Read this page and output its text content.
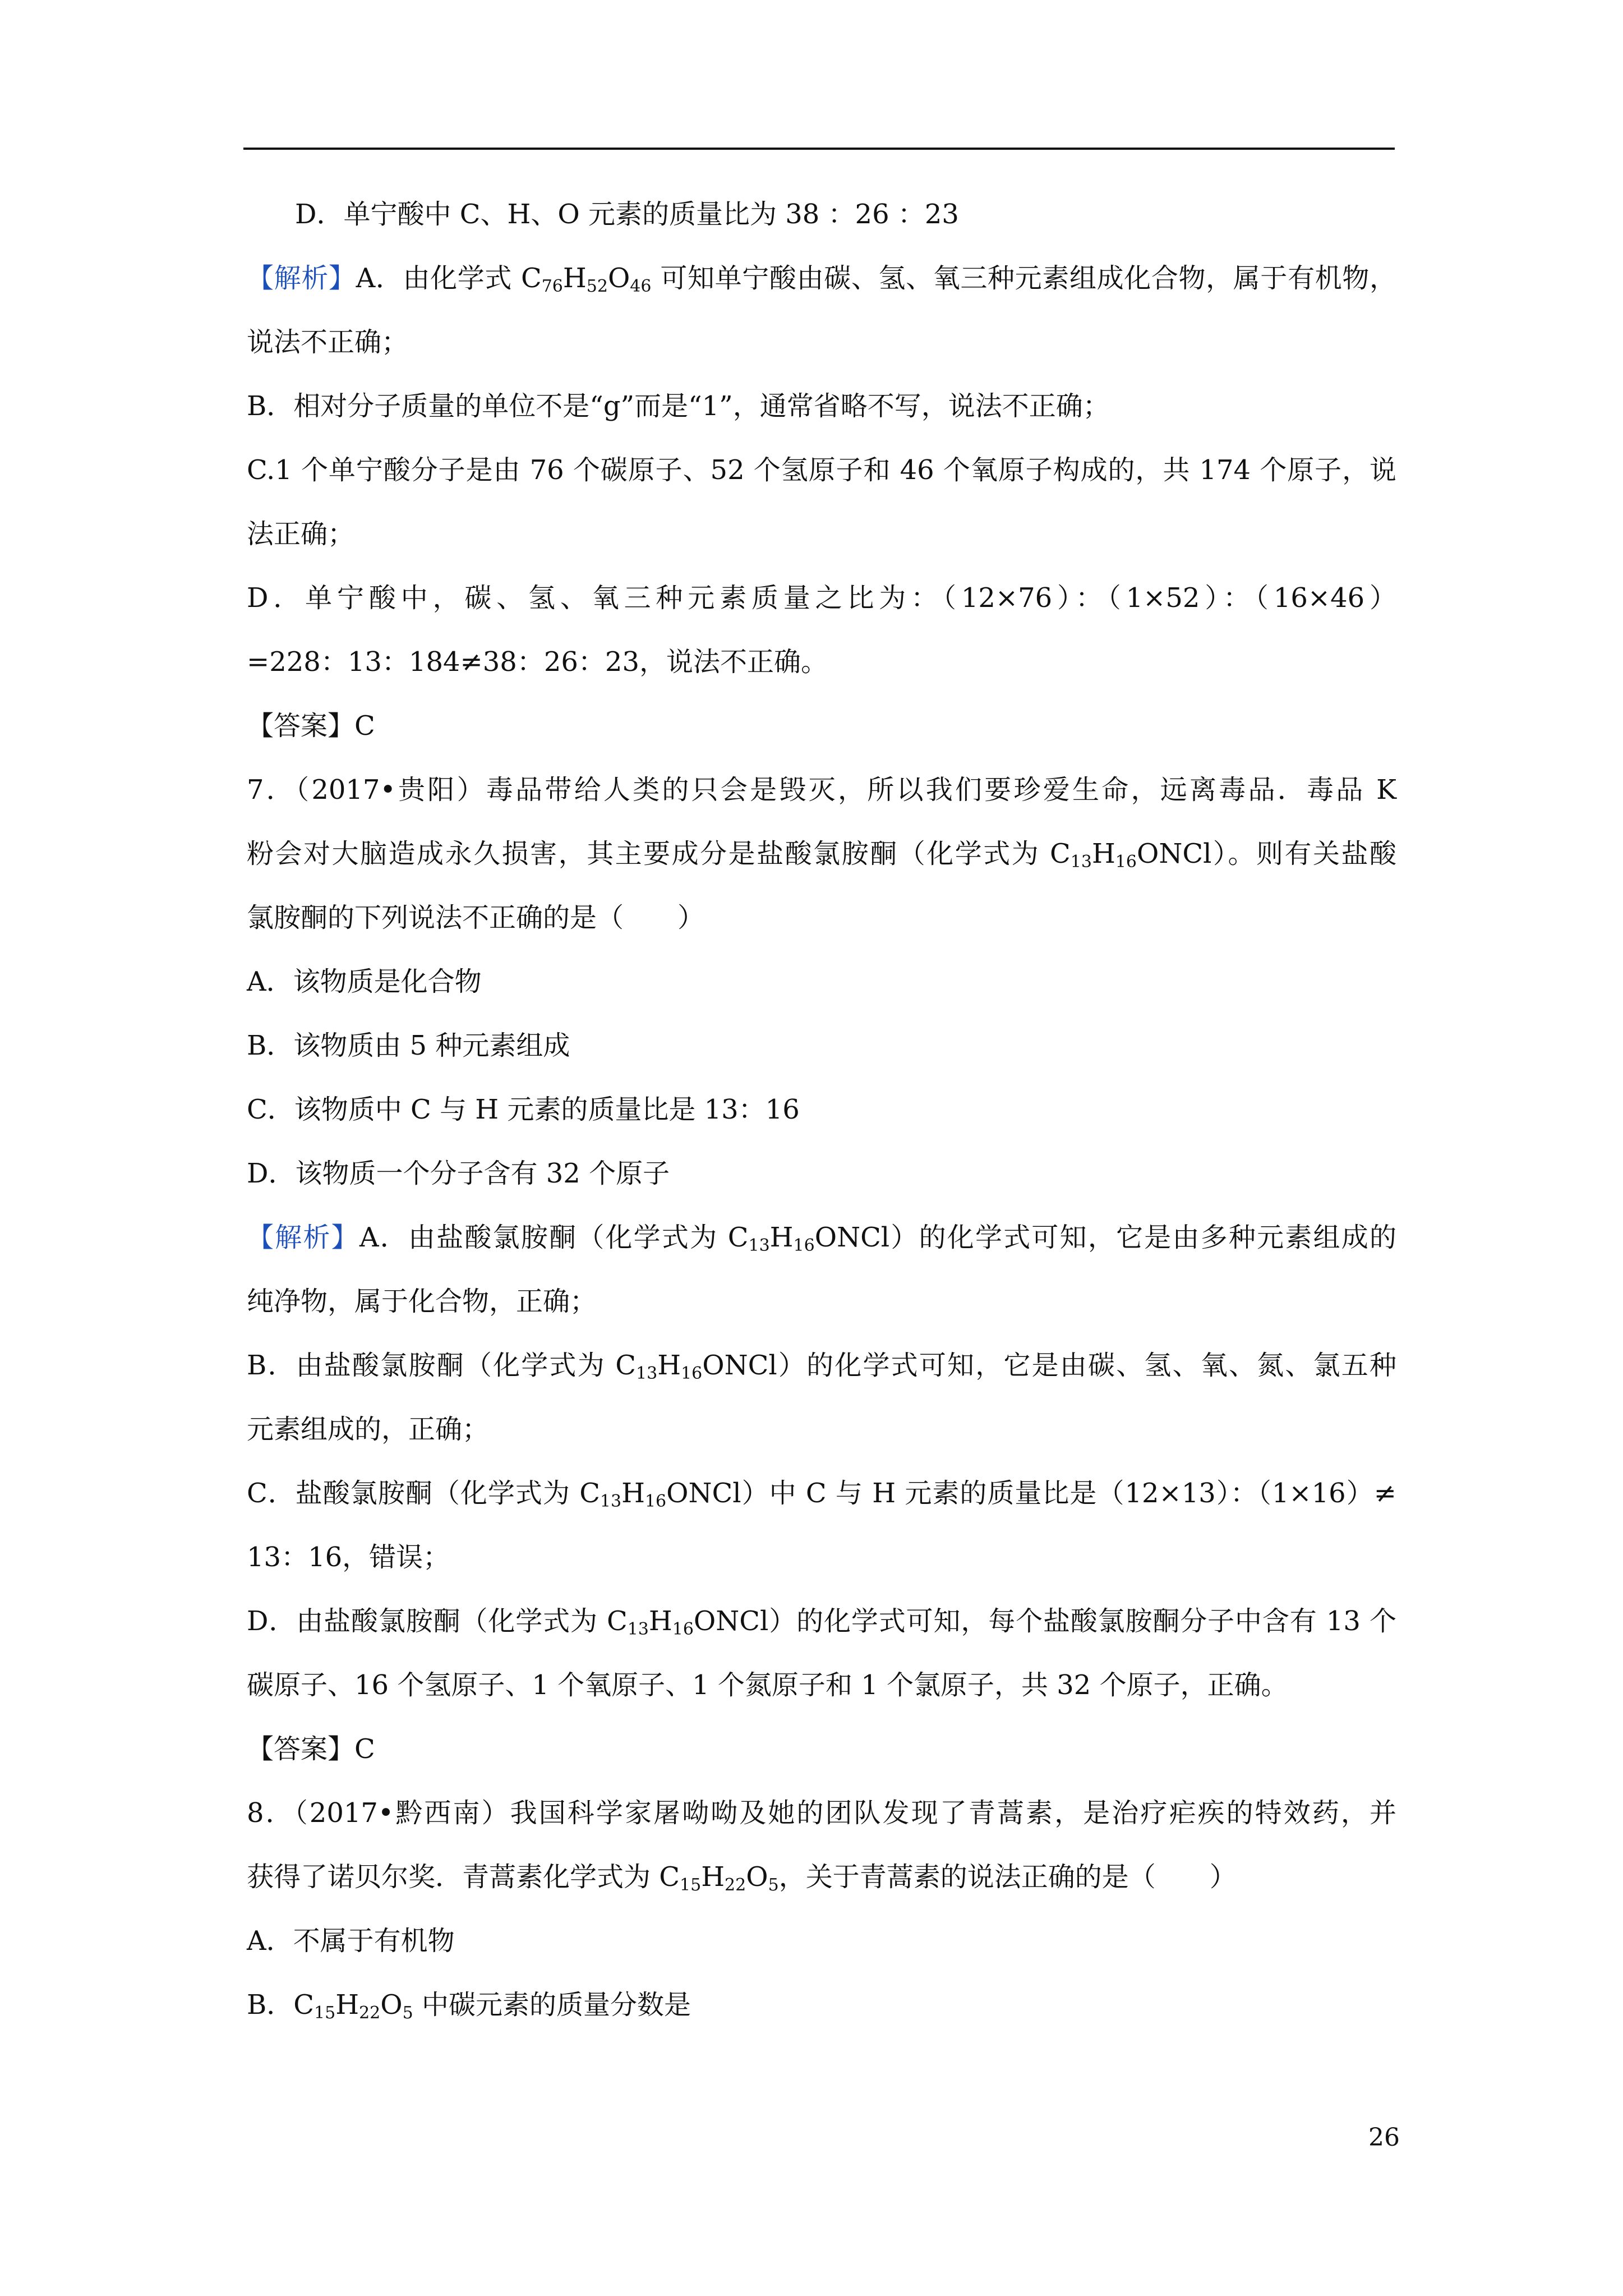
D．单宁酸中 C、H、O 元素的质量比为 38 ：26 ：23
【解析】A．由化学式 $C_{76}H_{52}O_{46}$ 可知单宁酸由碳、氢、氧三种元素组成化合物，属于有机物，
说法不正确；
B．相对分子质量的单位不是“g”而是“1”，通常省略不写，说法不正确；
C.1 个单宁酸分子是由 76 个碳原子、52 个氢原子和 46 个氧原子构成的，共 174 个原子，说
法正确；
D．单宁酸中，碳、氢、氧三种元素质量之比为：（12×76）：（1×52）：（16×46）
=228：13：184≠38：26：23，说法不正确。
【答案】C
7．（2017•贵阳）毒品带给人类的只会是毁灭，所以我们要珍爱生命，远离毒品．毒品 K
粉会对大脑造成永久损害，其主要成分是盐酸氯胺酮（化学式为 $C_{13}H_{16}ONCl$）。则有关盐酸
氯胺酮的下列说法不正确的是（　　）
A．该物质是化合物
B．该物质由 5 种元素组成
C．该物质中 C 与 H 元素的质量比是 13：16
D．该物质一个分子含有 32 个原子
【解析】A．由盐酸氯胺酮（化学式为 $C_{13}H_{16}ONCl$）的化学式可知，它是由多种元素组成的
纯净物，属于化合物，正确；
B．由盐酸氯胺酮（化学式为 $C_{13}H_{16}ONCl$）的化学式可知，它是由碳、氢、氧、氮、氯五种
元素组成的，正确；
C．盐酸氯胺酮（化学式为 $C_{13}H_{16}ONCl$）中 C 与 H 元素的质量比是（12×13）：（1×16）≠
13：16，错误；
D．由盐酸氯胺酮（化学式为 $C_{13}H_{16}ONCl$）的化学式可知，每个盐酸氯胺酮分子中含有 13 个
碳原子、16 个氢原子、1 个氧原子、1 个氮原子和 1 个氯原子，共 32 个原子，正确。
【答案】C
8．（2017•黔西南）我国科学家屠呦呦及她的团队发现了青蒿素，是治疗疟疾的特效药，并
获得了诺贝尔奖．青蒿素化学式为 $C_{15}H_{22}O_5$，关于青蒿素的说法正确的是（　　）
A．不属于有机物
B．$C_{15}H_{22}O_5$ 中碳元素的质量分数是
26
